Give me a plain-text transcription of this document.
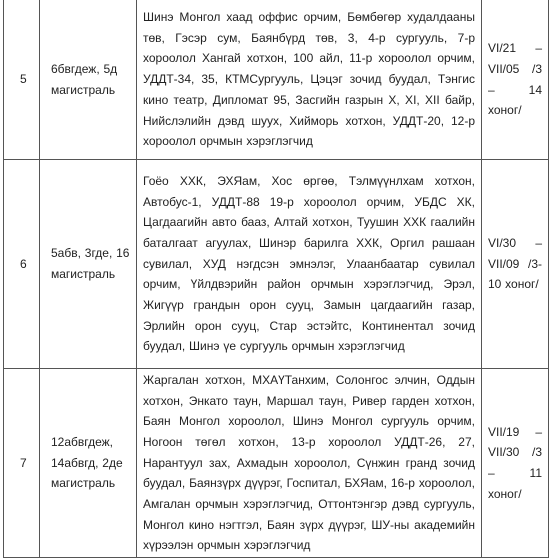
5	6бвгдеж, 5д магистраль	Шинэ Монгол хаад оффис орчим, Бөмбөгөр худалдааны төв, Гэсэр сум, Баянбүрд төв, 3, 4-р сургууль, 7-р хороолол Хангай хотхон, 100 айл, 11-р хороолол орчим, УДДТ-34, 35, КТМСургууль, Цэцэг зочид буудал, Тэнгис кино театр, Дипломат 95, Засгийн газрын X, XI, XII байр, Нийслэлийн дэвд шуух, Хийморь хотхон, УДДТ-20, 12-р хороолол орчмын хэрэглэгчид	VI/21 – VII/05 /3 – 14 хоног/
6	5абв, 3где, 16 магистраль	Гоёо ХХК, ЭХЯам, Хос өргөө, Тэлмүүнлхам хотхон, Автобус-1, УДДТ-88 19-р хороолол орчим, УБДС ХК, Цагдаагийн авто бааз, Алтай хотхон, Туушин ХХК гаалийн баталгаат агуулах, Шинэр барилга ХХК, Оргил рашаан сувилал, ХУД нэгдсэн эмнэлэг, Улаанбаатар сувилал орчим, Үйлдвэрийн район орчмын хэрэглэгчид, Эрэл, Жигүүр грандын орон сууц, Замын цагдаагийн газар, Эрлийн орон сууц, Стар эстэйтс, Континентал зочид буудал, Шинэ үе сургууль орчмын хэрэглэгчид	VI/30 – VII/09 /3-10 хоног/
7	12абвгдеж, 14абвгд, 2де магистраль	Жаргалан хотхон, МХАҮТанхим, Солонгос элчин, Оддын хотхон, Энкато таун, Маршал таун, Ривер гарден хотхон, Баян Монгол хороолол, Шинэ Монгол сургууль орчим, Ногоон төгөл хотхон, 13-р хороолол УДДТ-26, 27, Нарантуул зах, Ахмадын хороолол, Сүнжин гранд зочид буудал, Баянзүрх дүүрэг, Госпитал, БХЯам, 16-р хороолол, Амгалан орчмын хэрэглэгчид, Оттонтэнгэр дэвд сургууль, Монгол кино нэгтгэл, Баян зүрх дүүрэг, ШУ-ны академийн хүрээлэн орчмын хэрэглэгчид	VII/19 – VII/30 /3 – 11 хоног/
